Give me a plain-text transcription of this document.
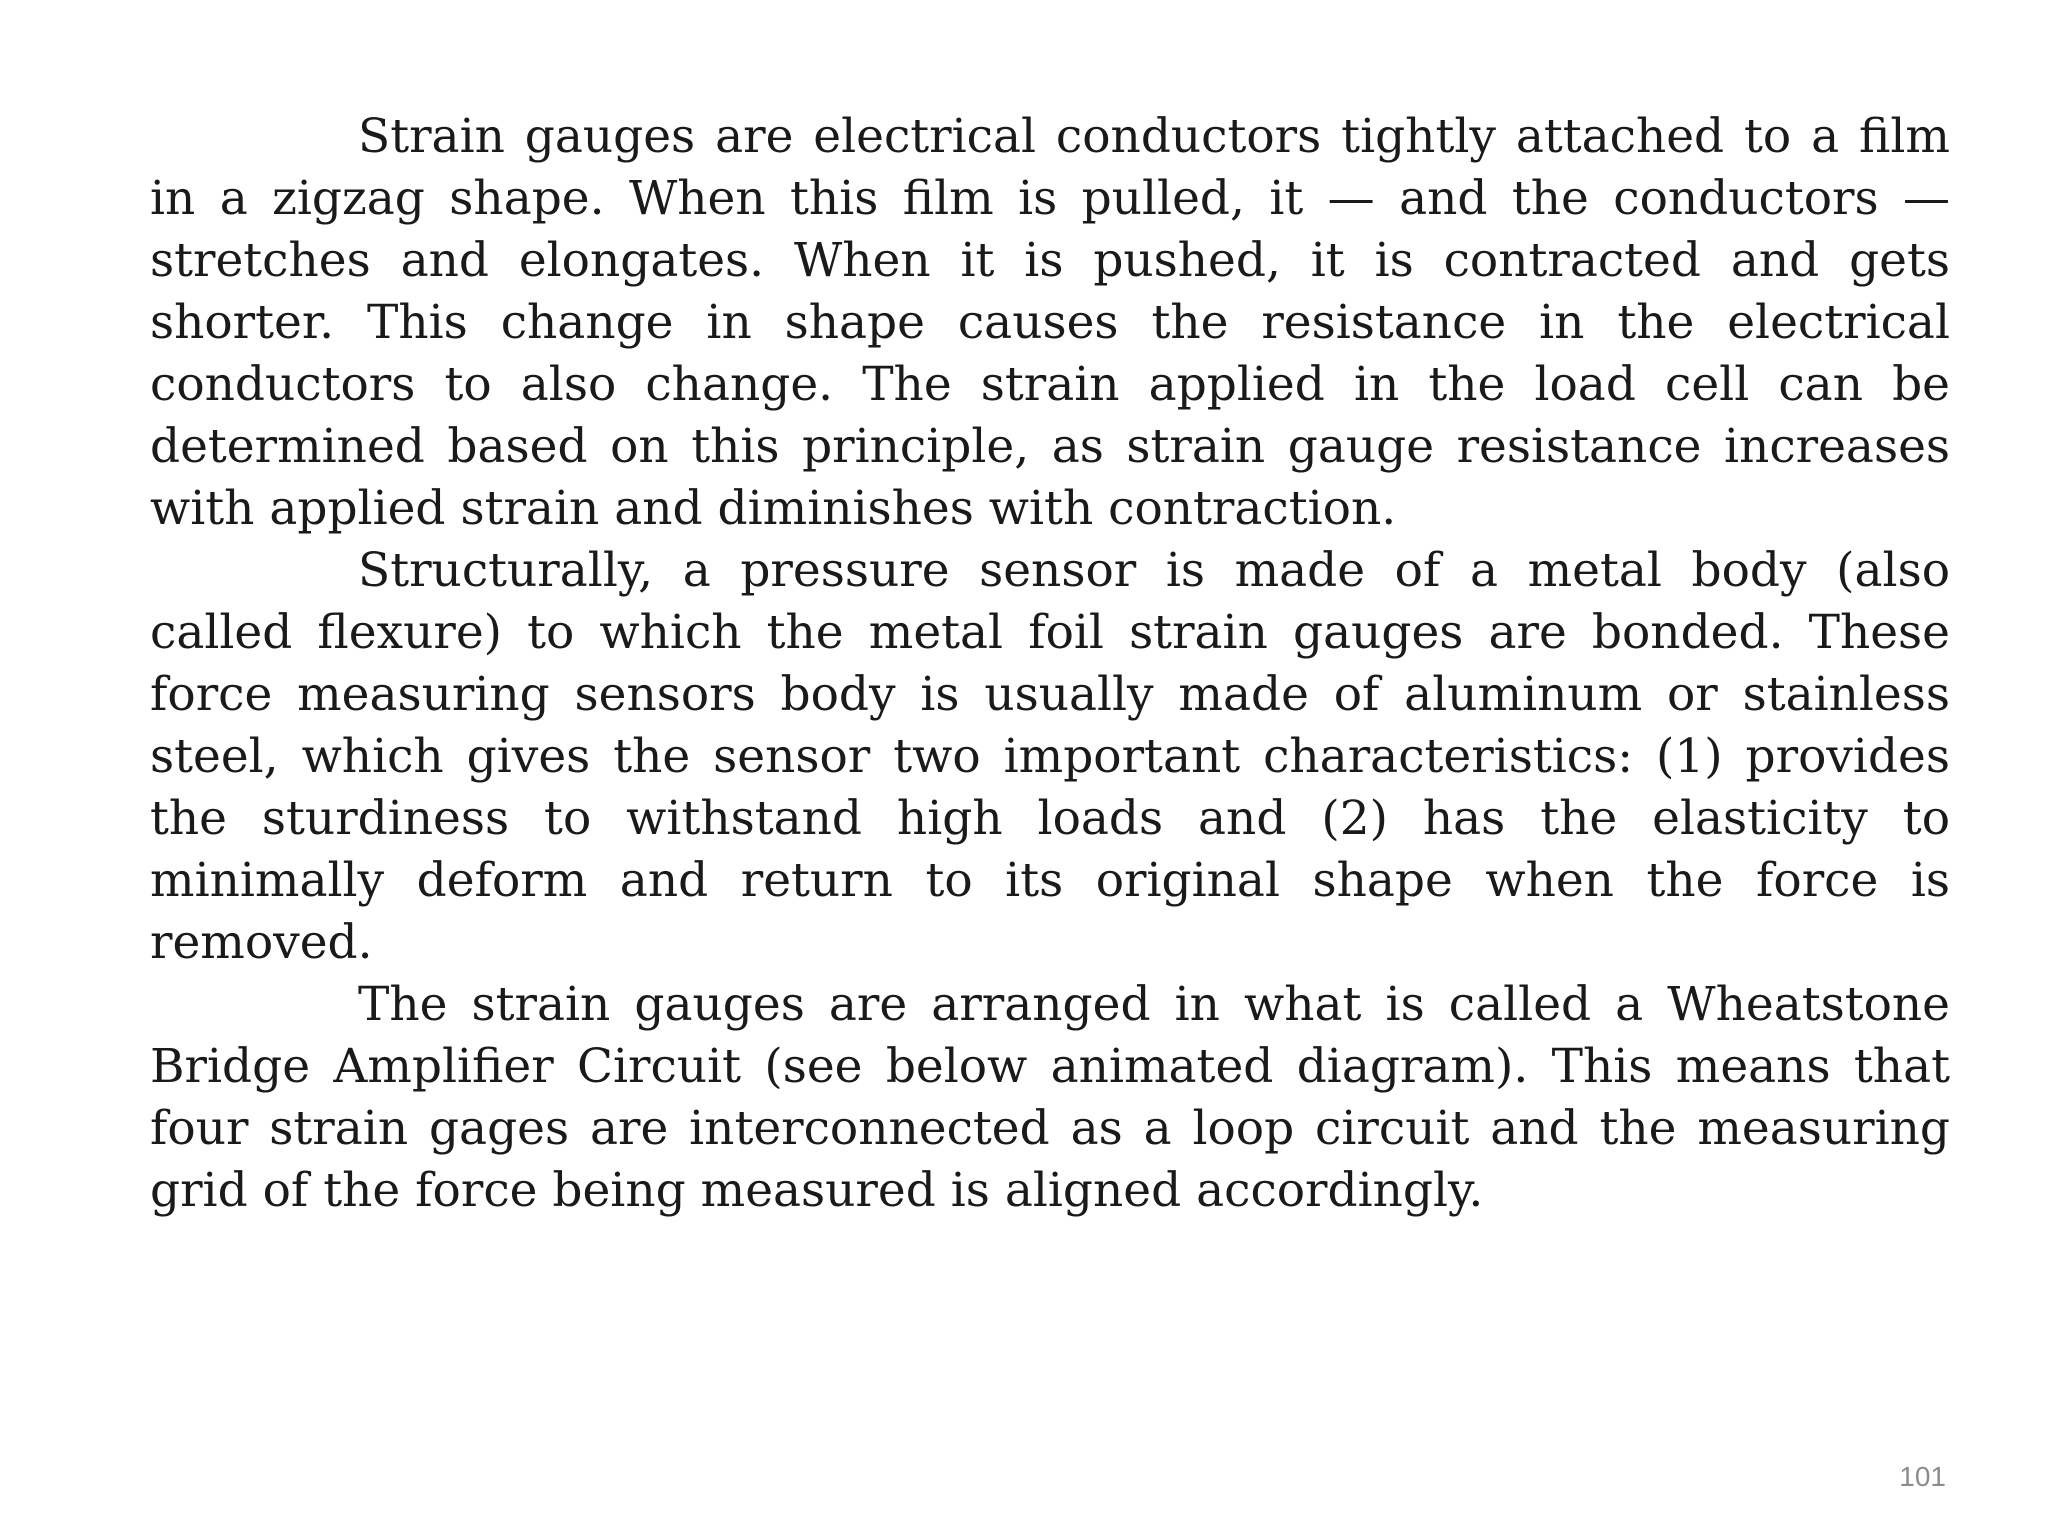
Strain gauges are electrical conductors tightly attached to a film in a zigzag shape. When this film is pulled, it — and the conductors — stretches and elongates. When it is pushed, it is contracted and gets shorter. This change in shape causes the resistance in the electrical conductors to also change. The strain applied in the load cell can be determined based on this principle, as strain gauge resistance increases with applied strain and diminishes with contraction.

Structurally, a pressure sensor is made of a metal body (also called flexure) to which the metal foil strain gauges are bonded. These force measuring sensors body is usually made of aluminum or stainless steel, which gives the sensor two important characteristics: (1) provides the sturdiness to withstand high loads and (2) has the elasticity to minimally deform and return to its original shape when the force is removed.

The strain gauges are arranged in what is called a Wheatstone Bridge Amplifier Circuit (see below animated diagram). This means that four strain gages are interconnected as a loop circuit and the measuring grid of the force being measured is aligned accordingly.

101
